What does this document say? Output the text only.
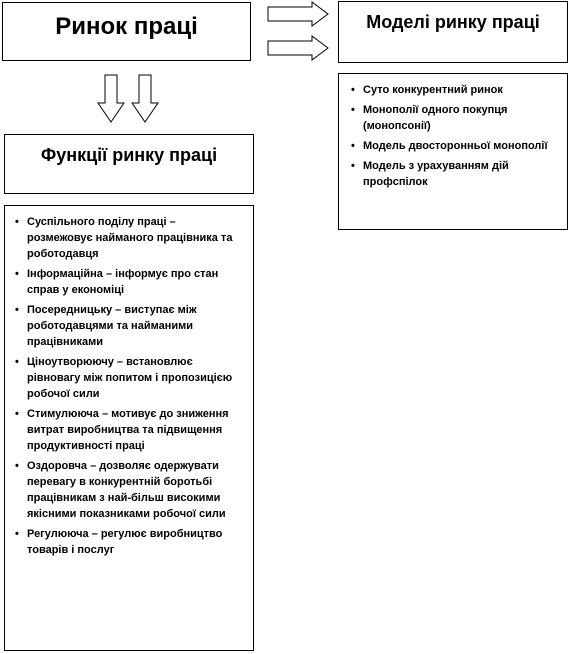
Ринок праці	Моделі ринку праці
Функції ринку праці
• Суто конкурентний ринок
• Монополії одного покупця (монопсонії)
• Модель двосторонньої монополії
• Модель з урахуванням дій профспілок
• Суспільного поділу праці – розмежовує найманого працівника та роботодавця
• Інформаційна – інформує про стан справ у економіці
• Посередницьку – виступає між роботодавцями та найманими працівниками
• Ціноутворюючу – встановлює рівновагу між попитом і пропозицією робочої сили
• Стимулююча – мотивує до зниження витрат виробництва та підвищення продуктивності праці
• Оздоровча – дозволяє одержувати перевагу в конкурентній боротьбі працівникам з най-більш високими якісними показниками робочої сили
• Регулююча – регулює виробництво товарів і послуг
